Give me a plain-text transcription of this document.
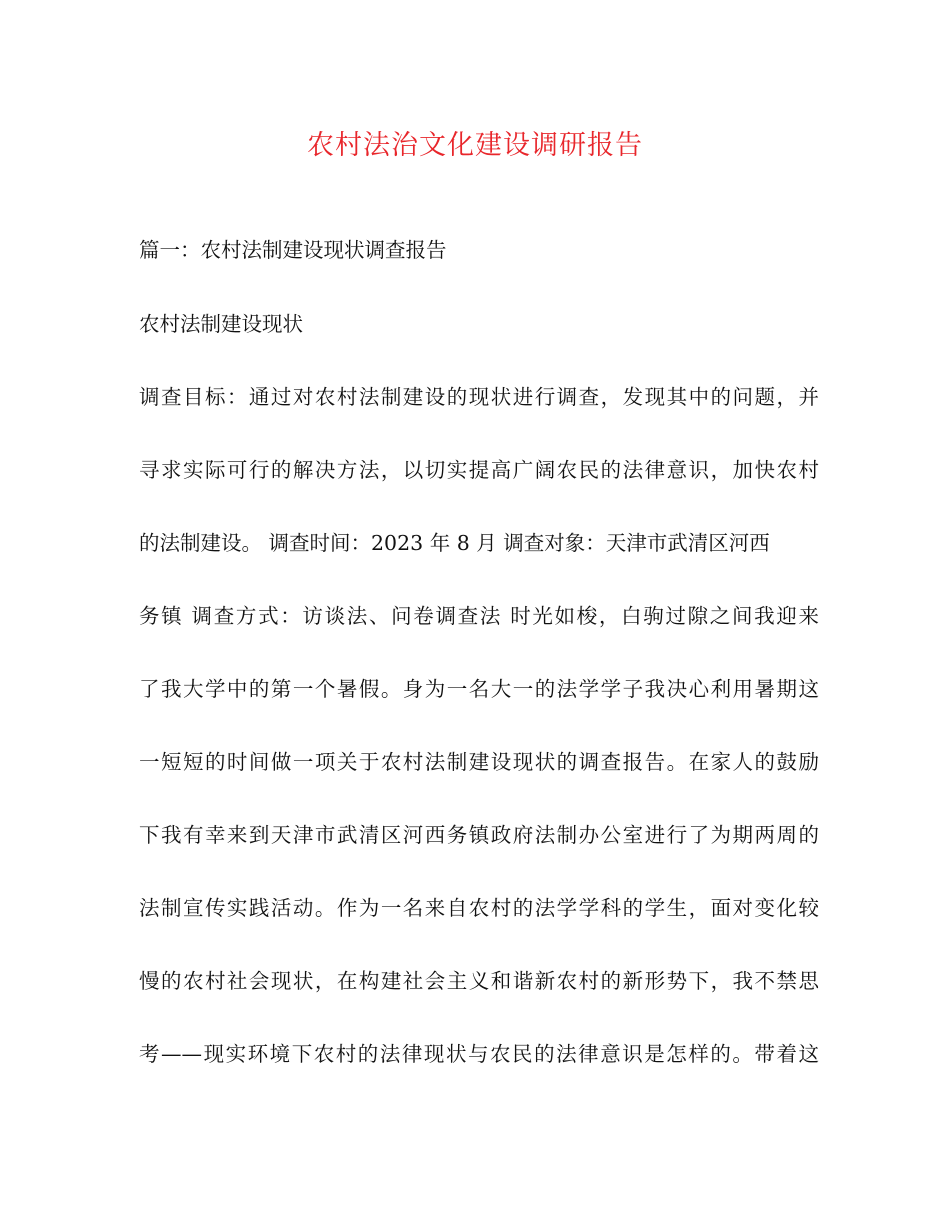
农村法治文化建设调研报告
篇一：农村法制建设现状调查报告
农村法制建设现状
调查目标：通过对农村法制建设的现状进行调查，发现其中的问题，并
寻求实际可行的解决方法，以切实提高广阔农民的法律意识，加快农村
的法制建设。 调查时间：2023 年 8 月 调查对象：天津市武清区河西
务镇 调查方式：访谈法、问卷调查法 时光如梭，白驹过隙之间我迎来
了我大学中的第一个暑假。身为一名大一的法学学子我决心利用暑期这
一短短的时间做一项关于农村法制建设现状的调查报告。在家人的鼓励
下我有幸来到天津市武清区河西务镇政府法制办公室进行了为期两周的
法制宣传实践活动。作为一名来自农村的法学学科的学生，面对变化较
慢的农村社会现状，在构建社会主义和谐新农村的新形势下，我不禁思
考——现实环境下农村的法律现状与农民的法律意识是怎样的。带着这
